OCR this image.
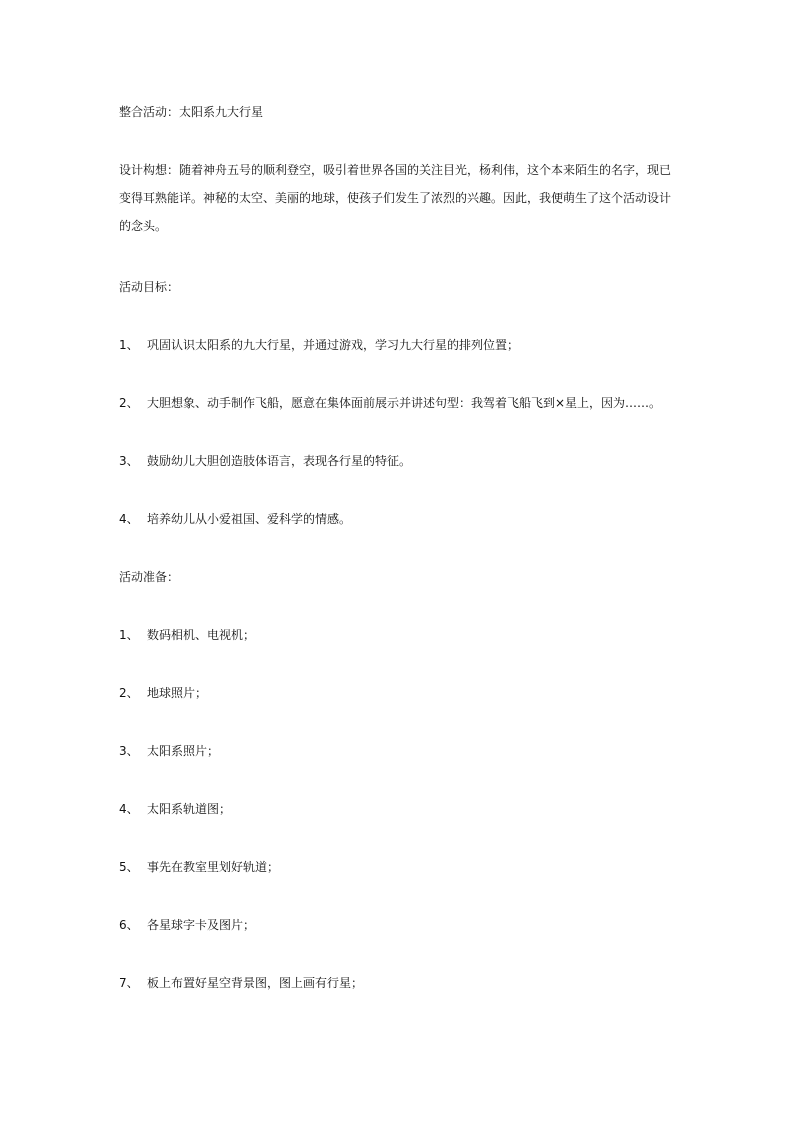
整合活动：太阳系九大行星
设计构想：随着神舟五号的顺利登空，吸引着世界各国的关注目光，杨利伟，这个本来陌生的名字，现已变得耳熟能详。神秘的太空、美丽的地球，使孩子们发生了浓烈的兴趣。因此，我便萌生了这个活动设计的念头。
活动目标：
1、 巩固认识太阳系的九大行星，并通过游戏，学习九大行星的排列位置；
2、 大胆想象、动手制作飞船，愿意在集体面前展示并讲述句型：我驾着飞船飞到×星上，因为……。
3、 鼓励幼儿大胆创造肢体语言，表现各行星的特征。
4、 培养幼儿从小爱祖国、爱科学的情感。
活动准备：
1、 数码相机、电视机；
2、 地球照片；
3、 太阳系照片；
4、 太阳系轨道图；
5、 事先在教室里划好轨道；
6、 各星球字卡及图片；
7、 板上布置好星空背景图，图上画有行星；
